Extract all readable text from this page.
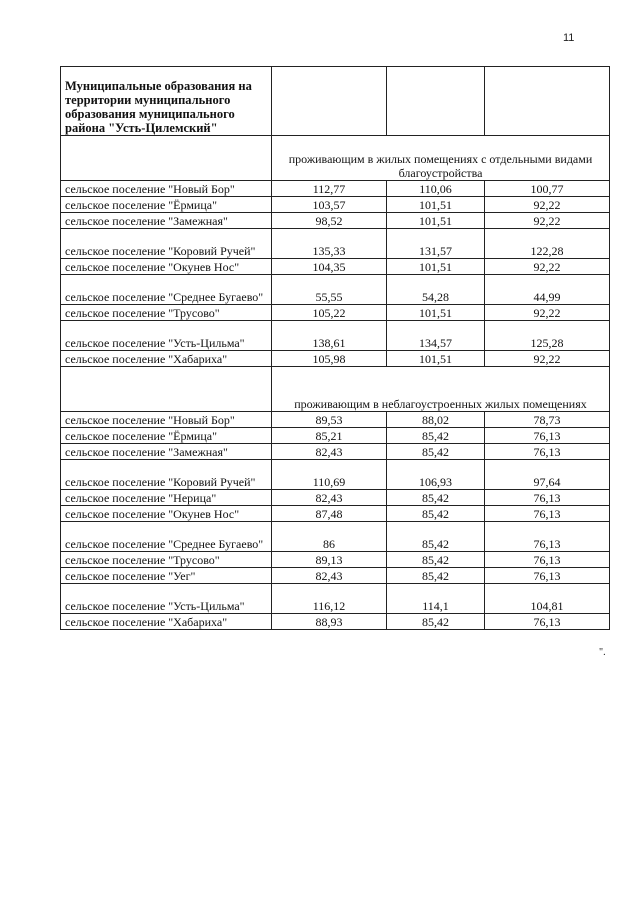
11
Муниципальные образования на территории муниципального образования муниципального района "Усть-Цилемский"			
	проживающим в жилых помещениях с отдельными видами благоустройства		
сельское поселение "Новый Бор"	112,77	110,06	100,77
сельское поселение "Ёрмица"	103,57	101,51	92,22
сельское поселение "Замежная"	98,52	101,51	92,22
сельское поселение "Коровий Ручей"	135,33	131,57	122,28
сельское поселение "Окунев Нос"	104,35	101,51	92,22
сельское поселение "Среднее Бугаево"	55,55	54,28	44,99
сельское поселение "Трусово"	105,22	101,51	92,22
сельское поселение "Усть-Цильма"	138,61	134,57	125,28
сельское поселение "Хабариха"	105,98	101,51	92,22
	проживающим в неблагоустроенных жилых помещениях		
сельское поселение "Новый Бор"	89,53	88,02	78,73
сельское поселение "Ёрмица"	85,21	85,42	76,13
сельское поселение "Замежная"	82,43	85,42	76,13
сельское поселение "Коровий Ручей"	110,69	106,93	97,64
сельское поселение "Нерица"	82,43	85,42	76,13
сельское поселение "Окунев Нос"	87,48	85,42	76,13
сельское поселение "Среднее Бугаево"	86	85,42	76,13
сельское поселение "Трусово"	89,13	85,42	76,13
сельское поселение "Уег"	82,43	85,42	76,13
сельское поселение "Усть-Цильма"	116,12	114,1	104,81
сельское поселение "Хабариха"	88,93	85,42	76,13
".
